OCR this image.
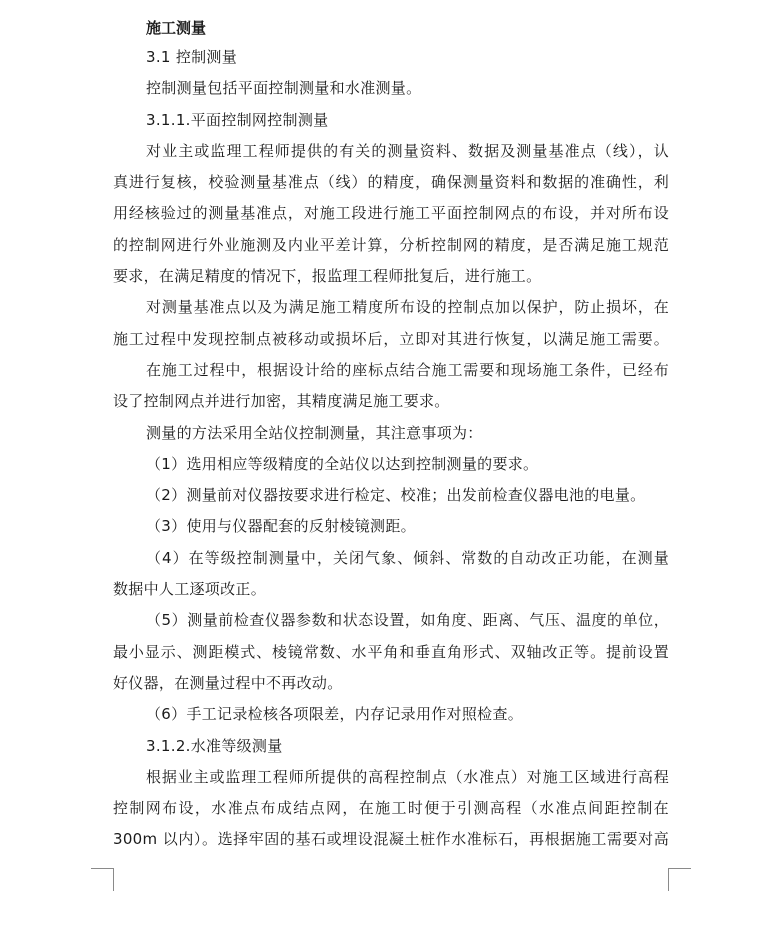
施工测量
3.1 控制测量
控制测量包括平面控制测量和水准测量。
3.1.1.平面控制网控制测量
对业主或监理工程师提供的有关的测量资料、数据及测量基准点（线），认
真进行复核，校验测量基准点（线）的精度，确保测量资料和数据的准确性，利
用经核验过的测量基准点，对施工段进行施工平面控制网点的布设，并对所布设
的控制网进行外业施测及内业平差计算，分析控制网的精度，是否满足施工规范
要求，在满足精度的情况下，报监理工程师批复后，进行施工。
对测量基准点以及为满足施工精度所布设的控制点加以保护，防止损坏，在
施工过程中发现控制点被移动或损坏后，立即对其进行恢复，以满足施工需要。
在施工过程中，根据设计给的座标点结合施工需要和现场施工条件，已经布
设了控制网点并进行加密，其精度满足施工要求。
测量的方法采用全站仪控制测量，其注意事项为：
（1）选用相应等级精度的全站仪以达到控制测量的要求。
（2）测量前对仪器按要求进行检定、校准；出发前检查仪器电池的电量。
（3）使用与仪器配套的反射棱镜测距。
（4）在等级控制测量中，关闭气象、倾斜、常数的自动改正功能，在测量
数据中人工逐项改正。
（5）测量前检查仪器参数和状态设置，如角度、距离、气压、温度的单位，
最小显示、测距模式、棱镜常数、水平角和垂直角形式、双轴改正等。提前设置
好仪器，在测量过程中不再改动。
（6）手工记录检核各项限差，内存记录用作对照检查。
3.1.2.水准等级测量
根据业主或监理工程师所提供的高程控制点（水准点）对施工区域进行高程
控制网布设，水准点布成结点网，在施工时便于引测高程（水准点间距控制在
300m 以内）。选择牢固的基石或埋设混凝土桩作水准标石，再根据施工需要对高
